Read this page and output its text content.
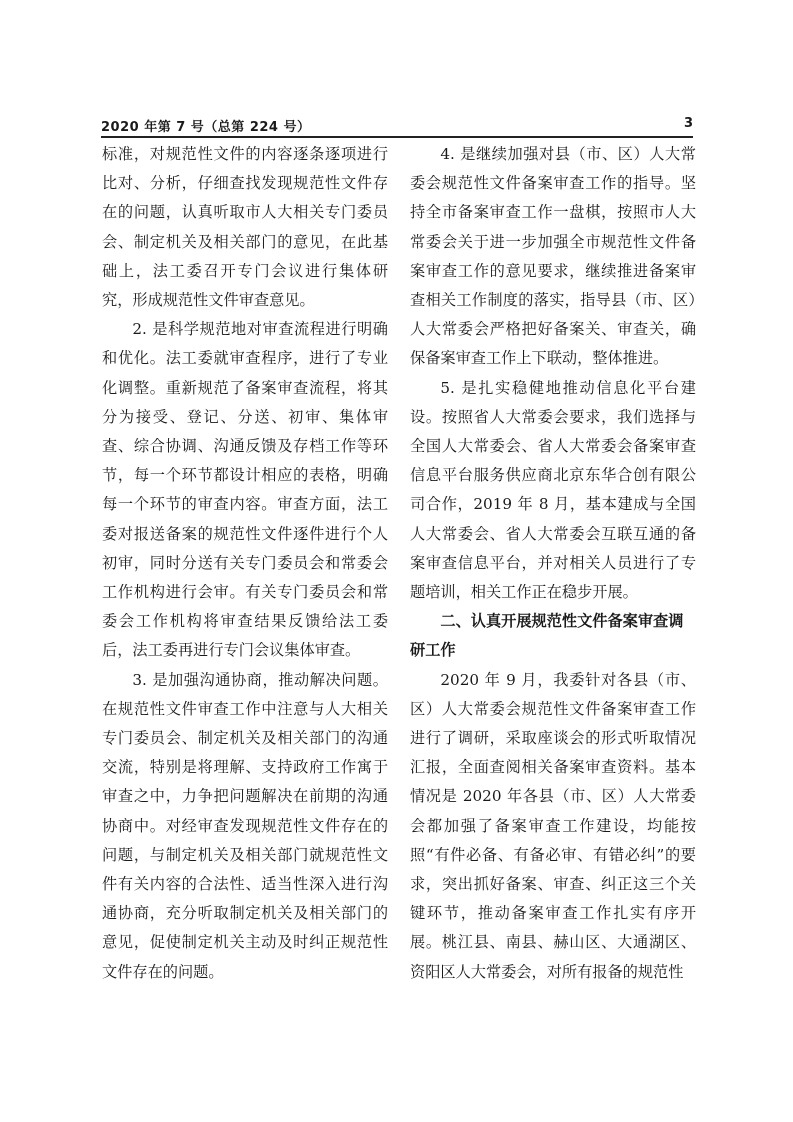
2020 年第 7 号（总第 224 号）	3

标准，对规范性文件的内容逐条逐项进行比对、分析，仔细查找发现规范性文件存在的问题，认真听取市人大相关专门委员会、制定机关及相关部门的意见，在此基础上，法工委召开专门会议进行集体研究，形成规范性文件审查意见。

2. 是科学规范地对审查流程进行明确和优化。法工委就审查程序，进行了专业化调整。重新规范了备案审查流程，将其分为接受、登记、分送、初审、集体审查、综合协调、沟通反馈及存档工作等环节，每一个环节都设计相应的表格，明确每一个环节的审查内容。审查方面，法工委对报送备案的规范性文件逐件进行个人初审，同时分送有关专门委员会和常委会工作机构进行会审。有关专门委员会和常委会工作机构将审查结果反馈给法工委后，法工委再进行专门会议集体审查。

3. 是加强沟通协商，推动解决问题。在规范性文件审查工作中注意与人大相关专门委员会、制定机关及相关部门的沟通交流，特别是将理解、支持政府工作寓于审查之中，力争把问题解决在前期的沟通协商中。对经审查发现规范性文件存在的问题，与制定机关及相关部门就规范性文件有关内容的合法性、适当性深入进行沟通协商，充分听取制定机关及相关部门的意见，促使制定机关主动及时纠正规范性文件存在的问题。

4. 是继续加强对县（市、区）人大常委会规范性文件备案审查工作的指导。坚持全市备案审查工作一盘棋，按照市人大常委会关于进一步加强全市规范性文件备案审查工作的意见要求，继续推进备案审查相关工作制度的落实，指导县（市、区）人大常委会严格把好备案关、审查关，确保备案审查工作上下联动，整体推进。

5. 是扎实稳健地推动信息化平台建设。按照省人大常委会要求，我们选择与全国人大常委会、省人大常委会备案审查信息平台服务供应商北京东华合创有限公司合作，2019 年 8 月，基本建成与全国人大常委会、省人大常委会互联互通的备案审查信息平台，并对相关人员进行了专题培训，相关工作正在稳步开展。

二、认真开展规范性文件备案审查调研工作

2020 年 9 月，我委针对各县（市、区）人大常委会规范性文件备案审查工作进行了调研，采取座谈会的形式听取情况汇报，全面查阅相关备案审查资料。基本情况是 2020 年各县（市、区）人大常委会都加强了备案审查工作建设，均能按照“有件必备、有备必审、有错必纠”的要求，突出抓好备案、审查、纠正这三个关键环节，推动备案审查工作扎实有序开展。桃江县、南县、赫山区、大通湖区、资阳区人大常委会，对所有报备的规范性
